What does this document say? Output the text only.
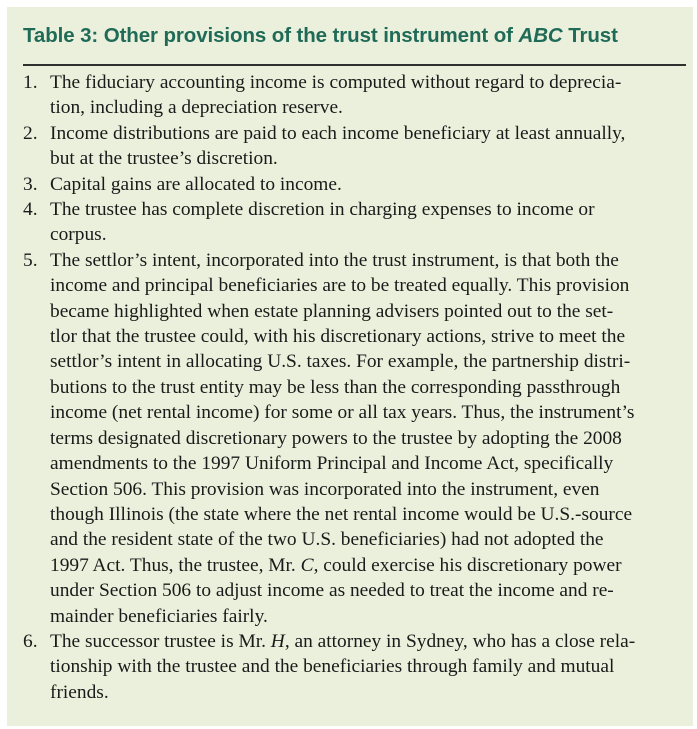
Table 3: Other provisions of the trust instrument of ABC Trust
1. The fiduciary accounting income is computed without regard to deprecia-
tion, including a depreciation reserve.
2. Income distributions are paid to each income beneficiary at least annually,
but at the trustee’s discretion.
3. Capital gains are allocated to income.
4. The trustee has complete discretion in charging expenses to income or
corpus.
5. The settlor’s intent, incorporated into the trust instrument, is that both the
income and principal beneficiaries are to be treated equally. This provision
became highlighted when estate planning advisers pointed out to the set-
tlor that the trustee could, with his discretionary actions, strive to meet the
settlor’s intent in allocating U.S. taxes. For example, the partnership distri-
butions to the trust entity may be less than the corresponding passthrough
income (net rental income) for some or all tax years. Thus, the instrument’s
terms designated discretionary powers to the trustee by adopting the 2008
amendments to the 1997 Uniform Principal and Income Act, specifically
Section 506. This provision was incorporated into the instrument, even
though Illinois (the state where the net rental income would be U.S.-source
and the resident state of the two U.S. beneficiaries) had not adopted the
1997 Act. Thus, the trustee, Mr. C, could exercise his discretionary power
under Section 506 to adjust income as needed to treat the income and re-
mainder beneficiaries fairly.
6. The successor trustee is Mr. H, an attorney in Sydney, who has a close rela-
tionship with the trustee and the beneficiaries through family and mutual
friends.
